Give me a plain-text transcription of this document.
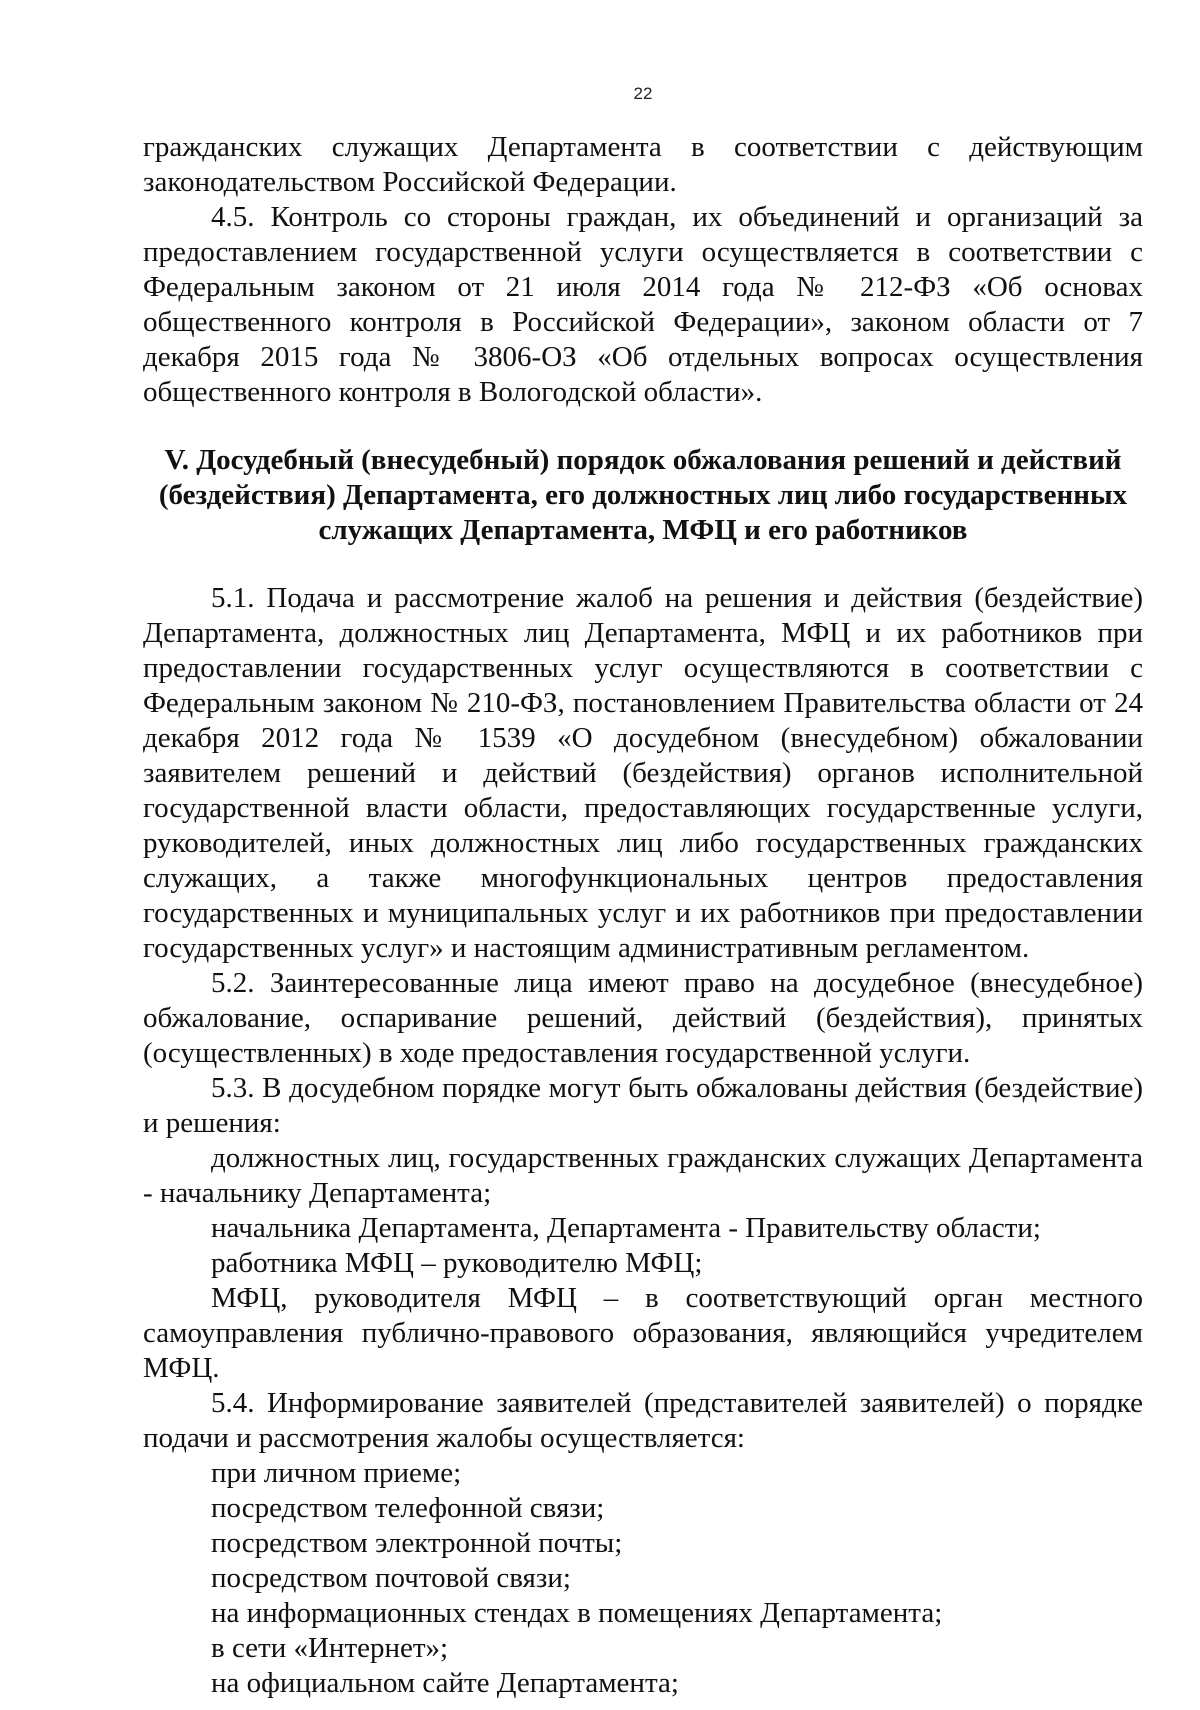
22

гражданских служащих Департамента в соответствии с действующим законодательством Российской Федерации.

4.5. Контроль со стороны граждан, их объединений и организаций за предоставлением государственной услуги осуществляется в соответствии с Федеральным законом от 21 июля 2014 года № 212-ФЗ «Об основах общественного контроля в Российской Федерации», законом области от 7 декабря 2015 года № 3806-ОЗ «Об отдельных вопросах осуществления общественного контроля в Вологодской области».

V. Досудебный (внесудебный) порядок обжалования решений и действий
(бездействия) Департамента, его должностных лиц либо государственных
служащих Департамента, МФЦ и его работников

5.1. Подача и рассмотрение жалоб на решения и действия (бездействие) Департамента, должностных лиц Департамента, МФЦ и их работников при предоставлении государственных услуг осуществляются в соответствии с Федеральным законом № 210-ФЗ, постановлением Правительства области от 24 декабря 2012 года № 1539 «О досудебном (внесудебном) обжаловании заявителем решений и действий (бездействия) органов исполнительной государственной власти области, предоставляющих государственные услуги, руководителей, иных должностных лиц либо государственных гражданских служащих, а также многофункциональных центров предоставления государственных и муниципальных услуг и их работников при предоставлении государственных услуг» и настоящим административным регламентом.

5.2. Заинтересованные лица имеют право на досудебное (внесудебное) обжалование, оспаривание решений, действий (бездействия), принятых (осуществленных) в ходе предоставления государственной услуги.

5.3. В досудебном порядке могут быть обжалованы действия (бездействие) и решения:

должностных лиц, государственных гражданских служащих Департамента - начальнику Департамента;

начальника Департамента, Департамента - Правительству области;

работника МФЦ – руководителю МФЦ;

МФЦ, руководителя МФЦ – в соответствующий орган местного самоуправления публично-правового образования, являющийся учредителем МФЦ.

5.4. Информирование заявителей (представителей заявителей) о порядке подачи и рассмотрения жалобы осуществляется:

при личном приеме;

посредством телефонной связи;

посредством электронной почты;

посредством почтовой связи;

на информационных стендах в помещениях Департамента;

в сети «Интернет»;

на официальном сайте Департамента;
